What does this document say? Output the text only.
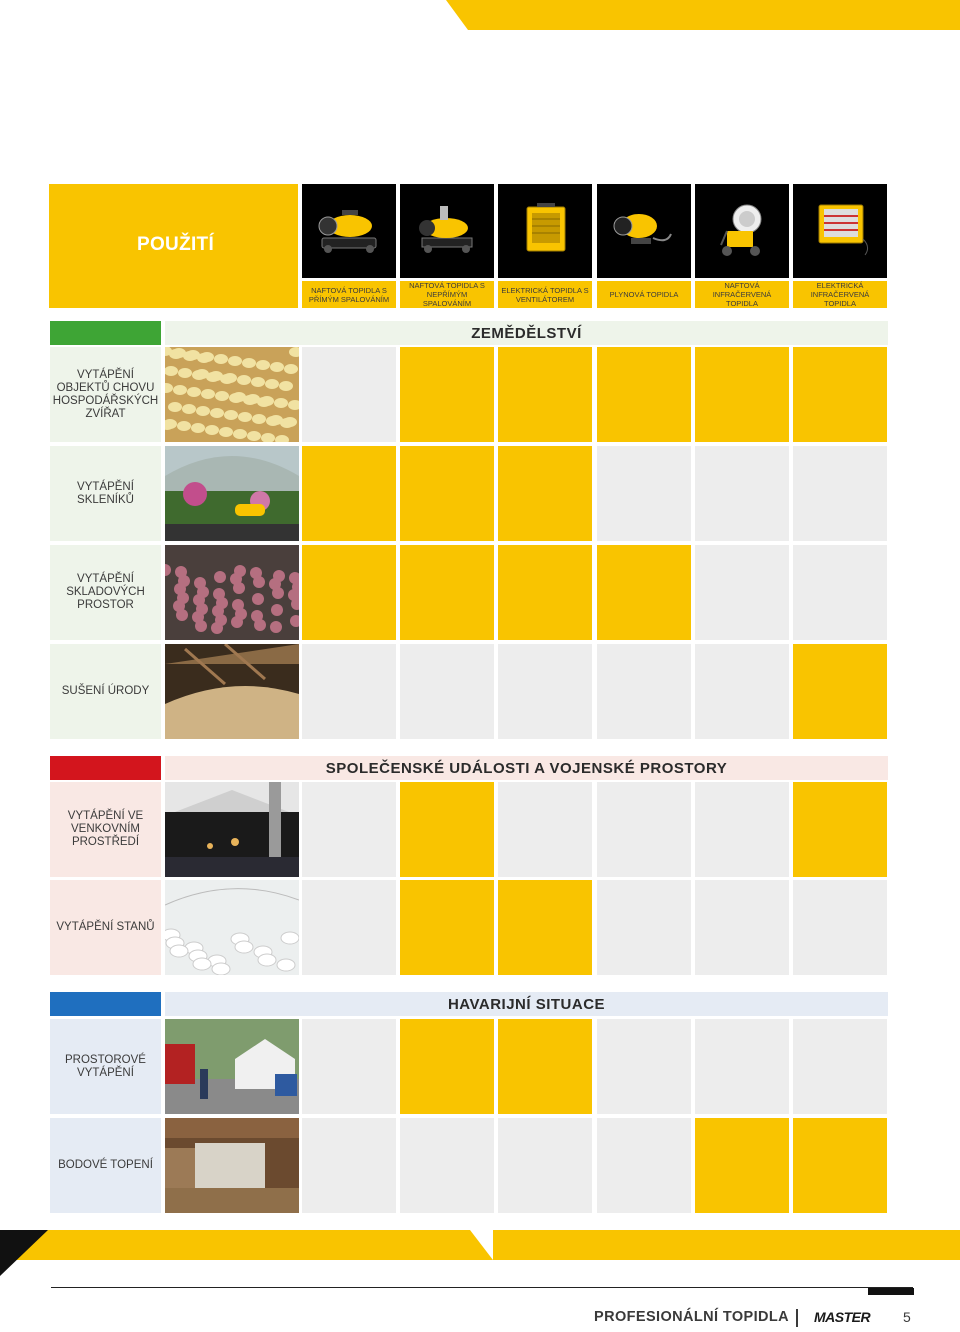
POUŽITÍ
NAFTOVÁ TOPIDLA S PŘÍMÝM SPALOVÁNÍM
NAFTOVÁ TOPIDLA S NEPŘÍMÝM SPALOVÁNÍM
ELEKTRICKÁ TOPIDLA S VENTILÁTOREM	PLYNOVÁ TOPIDLA
NAFTOVÁ INFRAČERVENÁ TOPIDLA
ELEKTRICKÁ INFRAČERVENÁ TOPIDLA
ZEMĚDĚLSTVÍ
VYTÁPĚNÍ OBJEKTŮ CHOVU HOSPODÁŘSKÝCH ZVÍŘAT
VYTÁPĚNÍ SKLENÍKŮ
VYTÁPĚNÍ SKLADOVÝCH PROSTOR
SUŠENÍ ÚRODY
SPOLEČENSKÉ UDÁLOSTI A VOJENSKÉ PROSTORY
VYTÁPĚNÍ VE VENKOVNÍM PROSTŘEDÍ
VYTÁPĚNÍ STANŮ
HAVARIJNÍ SITUACE
PROSTOROVÉ VYTÁPĚNÍ
BODOVÉ TOPENÍ
PROFESIONÁLNÍ TOPIDLA MASTER 5
